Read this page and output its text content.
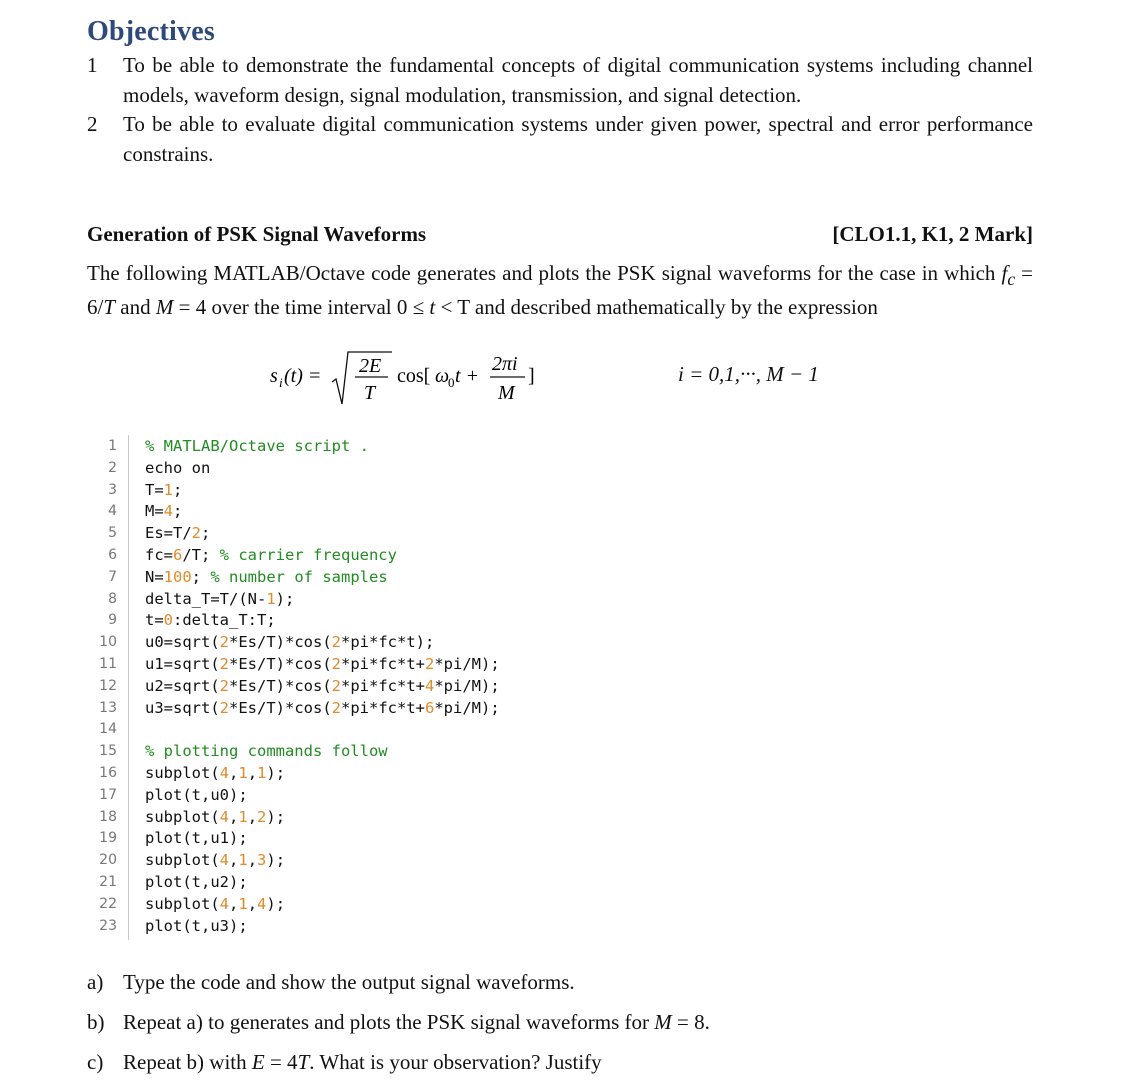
Objectives
1	To be able to demonstrate the fundamental concepts of digital communication systems including channel models, waveform design, signal modulation, transmission, and signal detection.
2	To be able to evaluate digital communication systems under given power, spectral and error performance constrains.
Generation of PSK Signal Waveforms	[CLO1.1, K1, 2 Mark]
The following MATLAB/Octave code generates and plots the PSK signal waveforms for the case in which $f_c = 6/T$ and M = 4 over the time interval 0 ≤ t < T and described mathematically by the expression
s i (t) = 2E
T
cos[ ω
0 t +
2πi
M
]	i = 0,1,···, M − 1
1 % MATLAB/Octave script .
2 echo on
3 T=1;
4 M=4;
5 Es=T/2;
6 fc=6/T; % carrier frequency
7 N=100; % number of samples
8 delta_T=T/(N-1);
9 t=0:delta_T:T;
10 u0=sqrt(2*Es/T)*cos(2*pi*fc*t);
11 u1=sqrt(2*Es/T)*cos(2*pi*fc*t+2*pi/M);
12 u2=sqrt(2*Es/T)*cos(2*pi*fc*t+4*pi/M);
13 u3=sqrt(2*Es/T)*cos(2*pi*fc*t+6*pi/M);
14
15 % plotting commands follow
16 subplot(4,1,1);
17 plot(t,u0);
18 subplot(4,1,2);
19 plot(t,u1);
20 subplot(4,1,3);
21 plot(t,u2);
22 subplot(4,1,4);
23 plot(t,u3);
a) Type the code and show the output signal waveforms.
b) Repeat a) to generates and plots the PSK signal waveforms for M = 8.
c) Repeat b) with E = 4T. What is your observation? Justify
